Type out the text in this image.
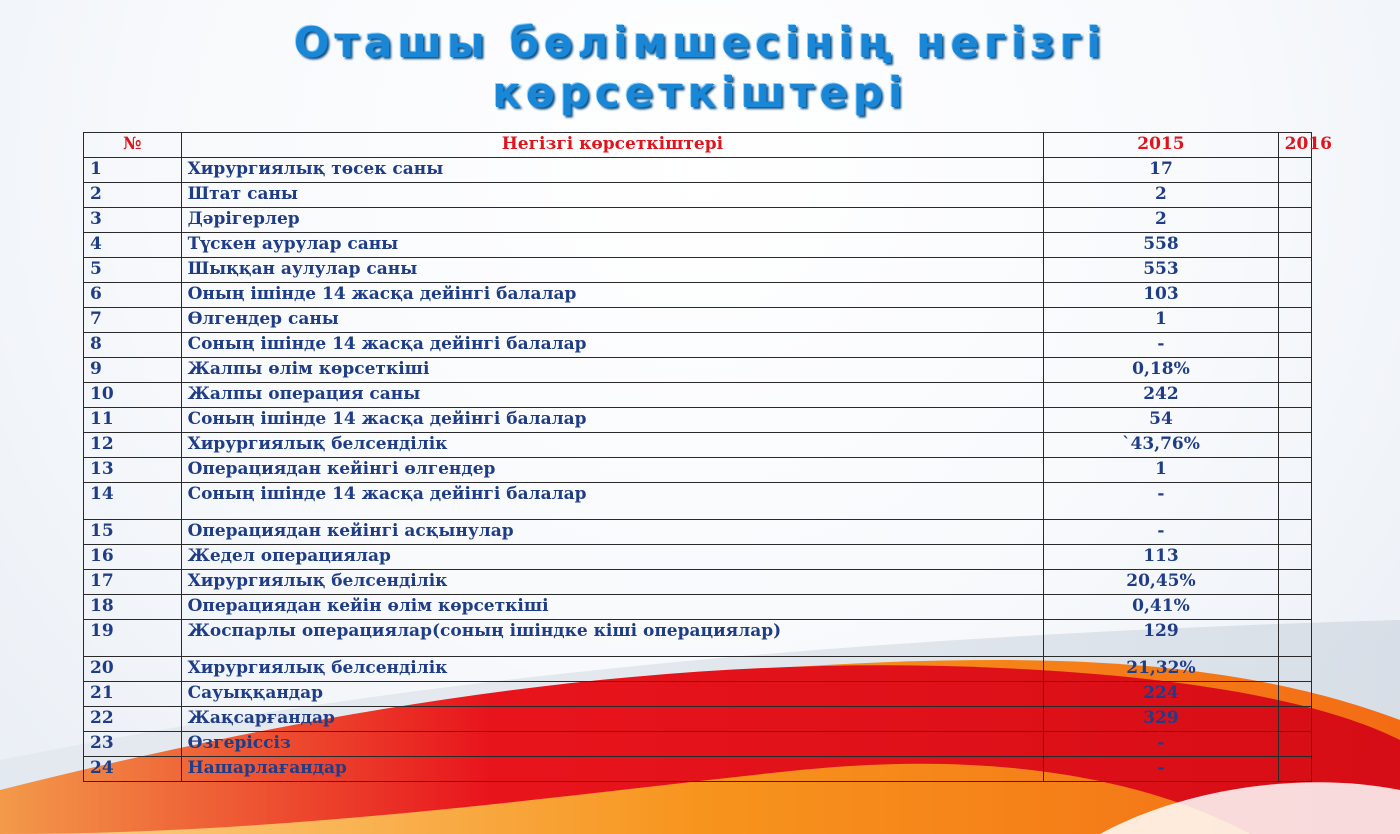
Оташы бөлімшесінің негізгі
көрсеткіштері
№	Негізгі көрсеткіштері	2015	2016
1	Хирургиялық төсек саны	17	
2	Штат саны	2	
3	Дәрігерлер	2	
4	Түскен аурулар саны	558	
5	Шыққан аулулар саны	553	
6	Оның ішінде 14 жасқа дейінгі балалар	103	
7	Өлгендер саны	1	
8	Соның ішінде 14 жасқа дейінгі балалар	-	
9	Жалпы өлім көрсеткіші	0,18%	
10	Жалпы операция саны	242	
11	Соның ішінде 14 жасқа дейінгі балалар	54	
12	Хирургиялық белсенділік	`43,76%	
13	Операциядан кейінгі өлгендер	1	
14	Соның ішінде 14 жасқа дейінгі балалар	-	
15	Операциядан кейінгі асқынулар	-	
16	Жедел операциялар	113	
17	Хирургиялық белсенділік	20,45%	
18	Операциядан кейін өлім көрсеткіші	0,41%	
19	Жоспарлы операциялар(соның ішіндке кіші операциялар)	129	
20	Хирургиялық белсенділік	21,32%	
21	Сауыққандар	224	
22	Жақсарғандар	329	
23	Өзгеріссіз	-	
24	Нашарлағандар	-	
